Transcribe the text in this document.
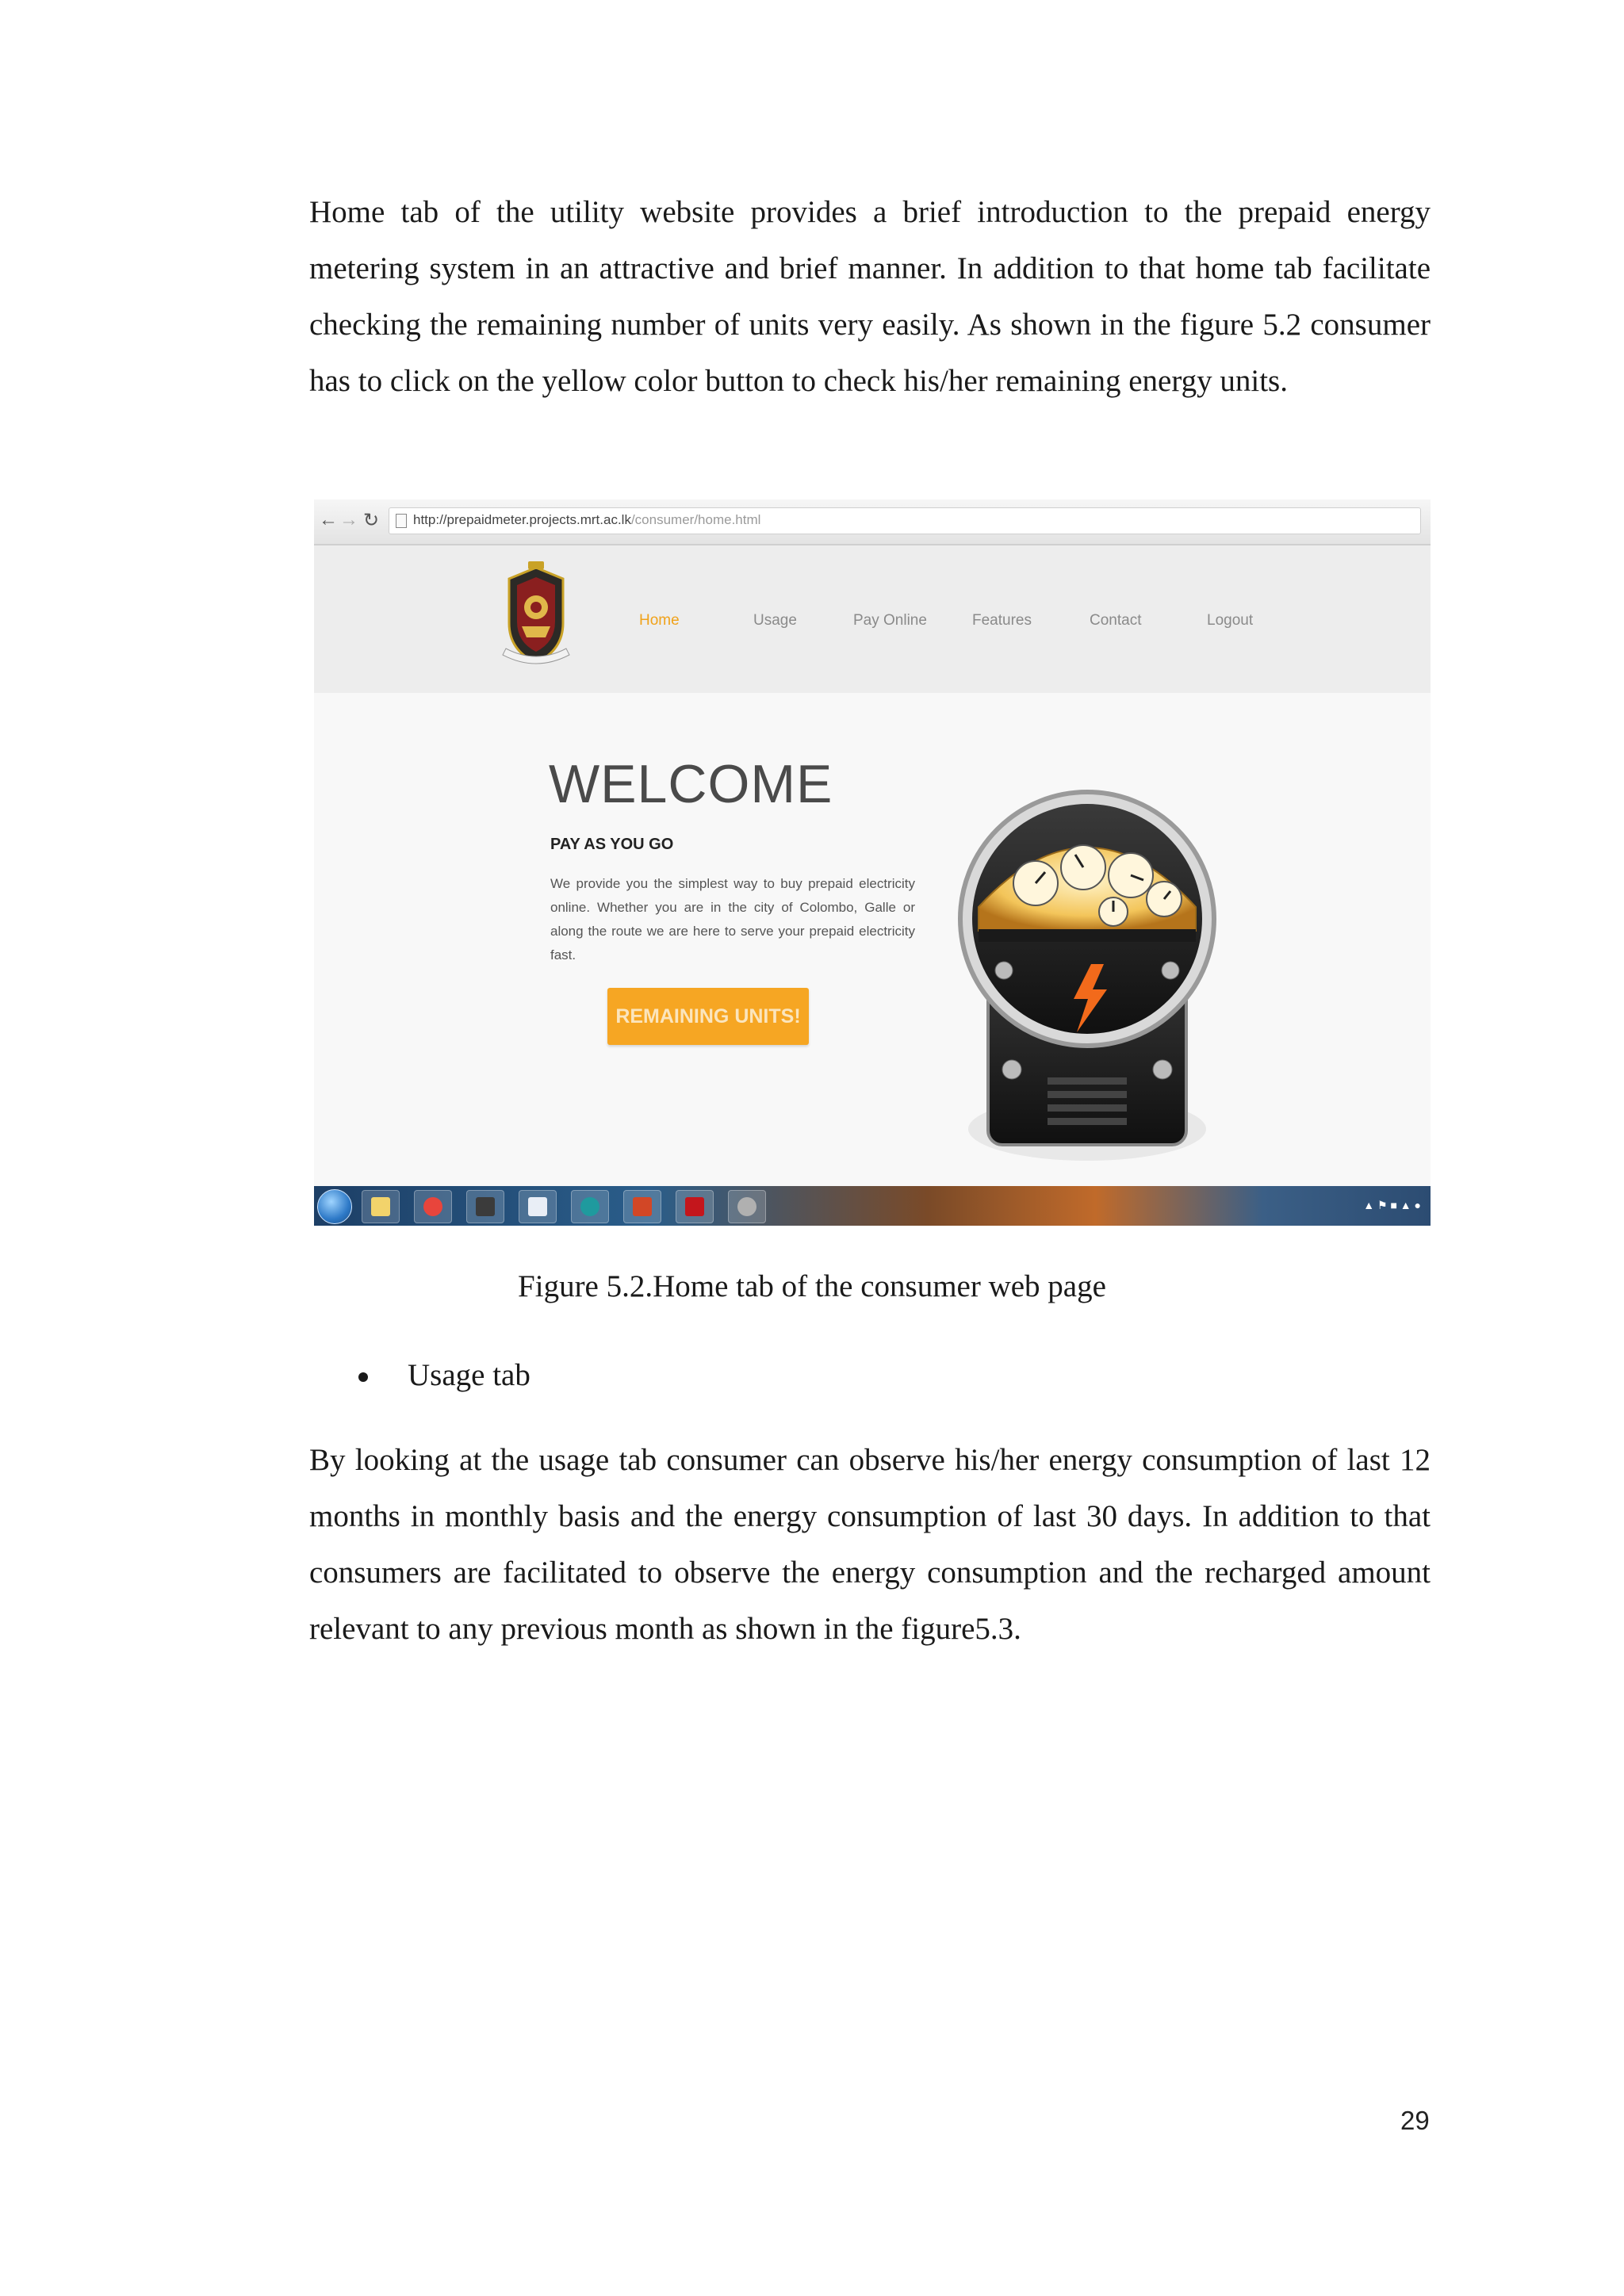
Home tab of the utility website provides a brief introduction to the prepaid energy metering system in an attractive and brief manner. In addition to that home tab facilitate checking the remaining number of units very easily. As shown in the figure 5.2 consumer has to click on the yellow color button to check his/her remaining energy units.

← → ↻	http://prepaidmeter.projects.mrt.ac.lk/consumer/home.html
Home	Usage	Pay Online	Features	Contact	Logout
WELCOME
PAY AS YOU GO

We provide you the simplest way to buy prepaid electricity online. Whether you are in the city of Colombo, Galle or along the route we are here to serve your prepaid electricity fast.

REMAINING UNITS!
▲ ⚑ ■ ▲ ●
Figure 5.2.Home tab of the consumer web page
Usage tab

By looking at the usage tab consumer can observe his/her energy consumption of last 12 months in monthly basis and the energy consumption of last 30 days. In addition to that consumers are facilitated to observe the energy consumption and the recharged amount relevant to any previous month as shown in the figure5.3.

29
